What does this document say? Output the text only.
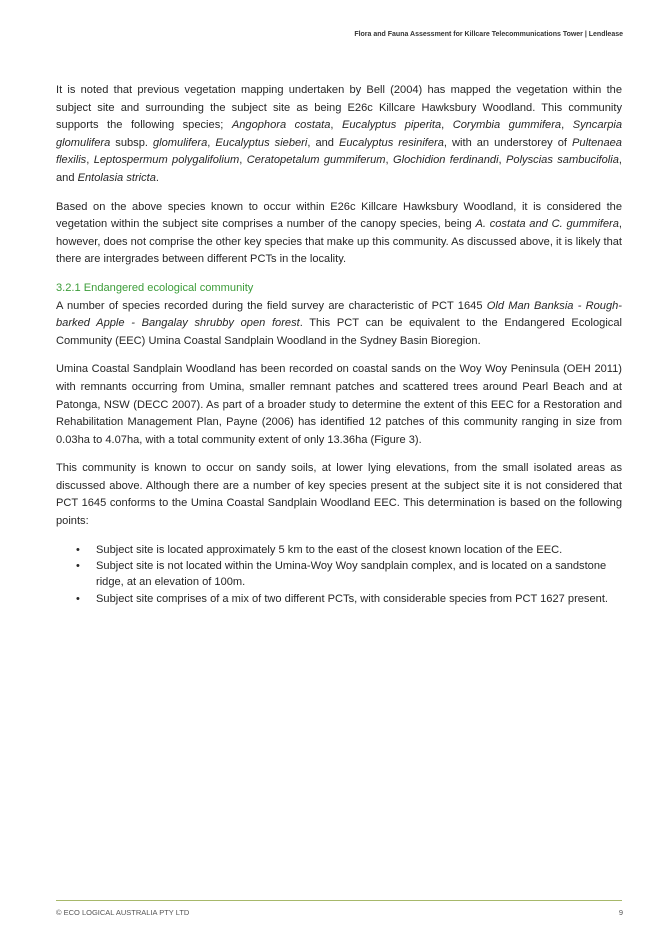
Flora and Fauna Assessment for Killcare Telecommunications Tower | Lendlease

It is noted that previous vegetation mapping undertaken by Bell (2004) has mapped the vegetation within the subject site and surrounding the subject site as being E26c Killcare Hawksbury Woodland. This community supports the following species; Angophora costata, Eucalyptus piperita, Corymbia gummifera, Syncarpia glomulifera subsp. glomulifera, Eucalyptus sieberi, and Eucalyptus resinifera, with an understorey of Pultenaea flexilis, Leptospermum polygalifolium, Ceratopetalum gummiferum, Glochidion ferdinandi, Polyscias sambucifolia, and Entolasia stricta.

Based on the above species known to occur within E26c Killcare Hawksbury Woodland, it is considered the vegetation within the subject site comprises a number of the canopy species, being A. costata and C. gummifera, however, does not comprise the other key species that make up this community. As discussed above, it is likely that there are intergrades between different PCTs in the locality.

3.2.1 Endangered ecological community

A number of species recorded during the field survey are characteristic of PCT 1645 Old Man Banksia - Rough-barked Apple - Bangalay shrubby open forest. This PCT can be equivalent to the Endangered Ecological Community (EEC) Umina Coastal Sandplain Woodland in the Sydney Basin Bioregion.

Umina Coastal Sandplain Woodland has been recorded on coastal sands on the Woy Woy Peninsula (OEH 2011) with remnants occurring from Umina, smaller remnant patches and scattered trees around Pearl Beach and at Patonga, NSW (DECC 2007). As part of a broader study to determine the extent of this EEC for a Restoration and Rehabilitation Management Plan, Payne (2006) has identified 12 patches of this community ranging in size from 0.03ha to 4.07ha, with a total community extent of only 13.36ha (Figure 3).

This community is known to occur on sandy soils, at lower lying elevations, from the small isolated areas as discussed above. Although there are a number of key species present at the subject site it is not considered that PCT 1645 conforms to the Umina Coastal Sandplain Woodland EEC. This determination is based on the following points:

• Subject site is located approximately 5 km to the east of the closest known location of the EEC.
• Subject site is not located within the Umina-Woy Woy sandplain complex, and is located on a sandstone ridge, at an elevation of 100m.
• Subject site comprises of a mix of two different PCTs, with considerable species from PCT 1627 present.
© ECO LOGICAL AUSTRALIA PTY LTD	9
